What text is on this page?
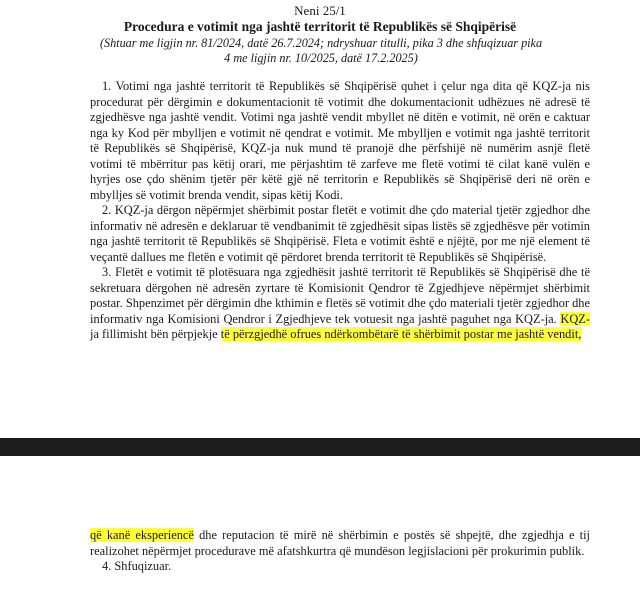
Neni 25/1
Procedura e votimit nga jashtë territorit të Republikës së Shqipërisë
(Shtuar me ligjin nr. 81/2024, datë 26.7.2024; ndryshuar titulli, pika 3 dhe shfuqizuar pika 4 me ligjin nr. 10/2025, datë 17.2.2025)

1. Votimi nga jashtë territorit të Republikës së Shqipërisë quhet i çelur nga dita që KQZ-ja nis procedurat për dërgimin e dokumentacionit të votimit dhe dokumentacionit udhëzues në adresë të zgjedhësve nga jashtë vendit. Votimi nga jashtë vendit mbyllet në ditën e votimit, në orën e caktuar nga ky Kod për mbylljen e votimit në qendrat e votimit. Me mbylljen e votimit nga jashtë territorit të Republikës së Shqipërisë, KQZ-ja nuk mund të pranojë dhe përfshijë në numërim asnjë fletë votimi të mbërritur pas këtij orari, me përjashtim të zarfeve me fletë votimi të cilat kanë vulën e hyrjes ose çdo shënim tjetër për këtë gjë në territorin e Republikës së Shqipërisë deri në orën e mbylljes së votimit brenda vendit, sipas këtij Kodi.

2. KQZ-ja dërgon nëpërmjet shërbimit postar fletët e votimit dhe çdo material tjetër zgjedhor dhe informativ në adresën e deklaruar të vendbanimit të zgjedhësit sipas listës së zgjedhësve për votimin nga jashtë territorit të Republikës së Shqipërisë. Fleta e votimit është e njëjtë, por me një element të veçantë dallues me fletën e votimit që përdoret brenda territorit të Republikës së Shqipërisë.

3. Fletët e votimit të plotësuara nga zgjedhësit jashtë territorit të Republikës së Shqipërisë dhe të sekretuara dërgohen në adresën zyrtare të Komisionit Qendror të Zgjedhjeve nëpërmjet shërbimit postar. Shpenzimet për dërgimin dhe kthimin e fletës së votimit dhe çdo materiali tjetër zgjedhor dhe informativ nga Komisioni Qendror i Zgjedhjeve tek votuesit nga jashtë paguhet nga KQZ-ja. KQZ-ja fillimisht bën përpjekje të përzgjedhë ofrues ndërkombëtarë të shërbimit postar me jashtë vendit,

që kanë eksperiencë dhe reputacion të mirë në shërbimin e postës së shpejtë, dhe zgjedhja e tij realizohet nëpërmjet procedurave më afatshkurtra që mundëson legjislacioni për prokurimin publik.

4. Shfuqizuar.
